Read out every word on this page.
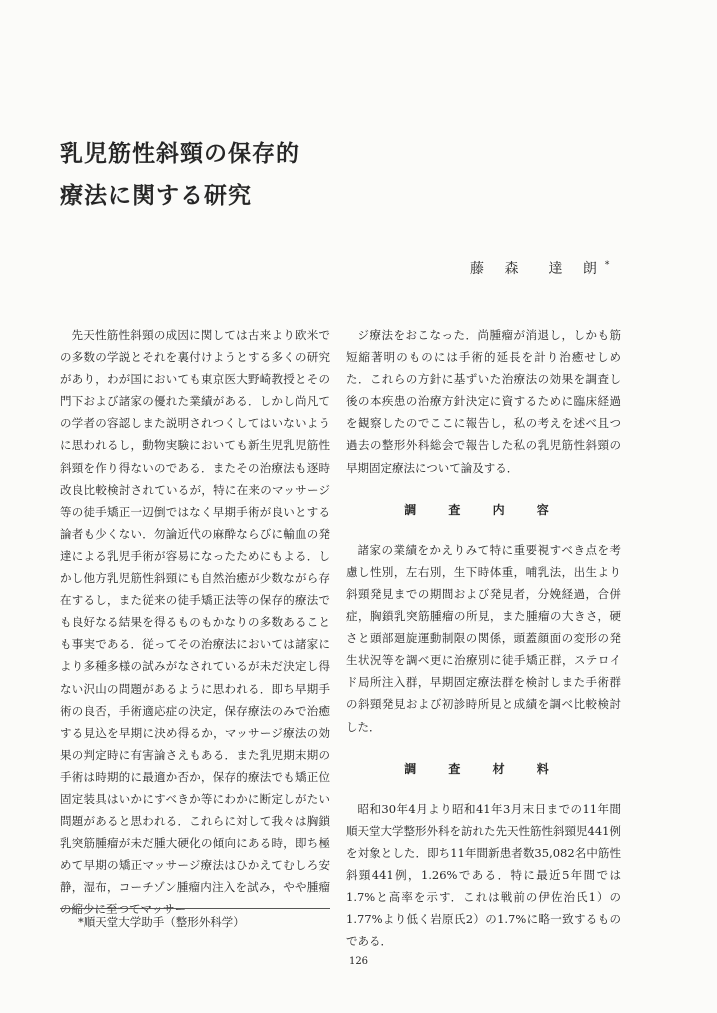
乳児筋性斜頸の保存的
療法に関する研究
藤 森　達 朗*

先天性筋性斜頸の成因に関しては古来より欧米での多数の学説とそれを裏付けようとする多くの研究があり，わが国においても東京医大野崎教授とその門下および諸家の優れた業績がある．しかし尚凡ての学者の容認しまた説明されつくしてはいないように思われるし，動物実験においても新生児乳児筋性斜頸を作り得ないのである．またその治療法も逐時改良比較検討されているが，特に在来のマッサージ等の徒手矯正一辺倒ではなく早期手術が良いとする論者も少くない．勿論近代の麻酔ならびに輸血の発達による乳児手術が容易になったためにもよる．しかし他方乳児筋性斜頸にも自然治癒が少数ながら存在するし，また従来の徒手矯正法等の保存的療法でも良好なる結果を得るものもかなりの多数あることも事実である．従ってその治療法においては諸家により多種多様の試みがなされているが未だ決定し得ない沢山の問題があるように思われる．即ち早期手術の良否，手術適応症の決定，保存療法のみで治癒する見込を早期に決め得るか，マッサージ療法の効果の判定時に有害論さえもある．また乳児期末期の手術は時期的に最適か否か，保存的療法でも矯正位固定装具はいかにすべきか等にわかに断定しがたい問題があると思われる．これらに対して我々は胸鎖乳突筋腫瘤が未だ腫大硬化の傾向にある時，即ち極めて早期の矯正マッサージ療法はひかえてむしろ安静，湿布，コーチゾン腫瘤内注入を試み，やや腫瘤の縮少に至つてマッサー

ジ療法をおこなった．尚腫瘤が消退し，しかも筋短縮著明のものには手術的延長を計り治癒せしめた．これらの方針に基ずいた治療法の効果を調査し後の本疾患の治療方針決定に資するために臨床経過を観察したのでここに報告し，私の考えを述べ且つ過去の整形外科総会で報告した私の乳児筋性斜頸の早期固定療法について論及する．

調 査 内 容

諸家の業績をかえりみて特に重要視すべき点を考慮し性別，左右別，生下時体重，哺乳法，出生より斜頸発見までの期間および発見者，分娩経過，合併症，胸鎖乳突筋腫瘤の所見，また腫瘤の大きさ，硬さと頭部廻旋運動制限の関係，頭蓋顔面の変形の発生状況等を調べ更に治療別に徒手矯正群，ステロイド局所注入群，早期固定療法群を検討しまた手術群の斜頸発見および初診時所見と成績を調べ比較検討した．

調 査 材 料

昭和30年4月より昭和41年3月末日までの11年間順天堂大学整形外科を訪れた先天性筋性斜頸児441例を対象とした．即ち11年間新患者数35,082名中筋性斜頸441例，1.26%である．特に最近5年間では1.7%と高率を示す．これは戦前の伊佐治氏1）の1.77%より低く岩原氏2）の1.7%に略一致するものである．

*順天堂大学助手（整形外科学）
126
